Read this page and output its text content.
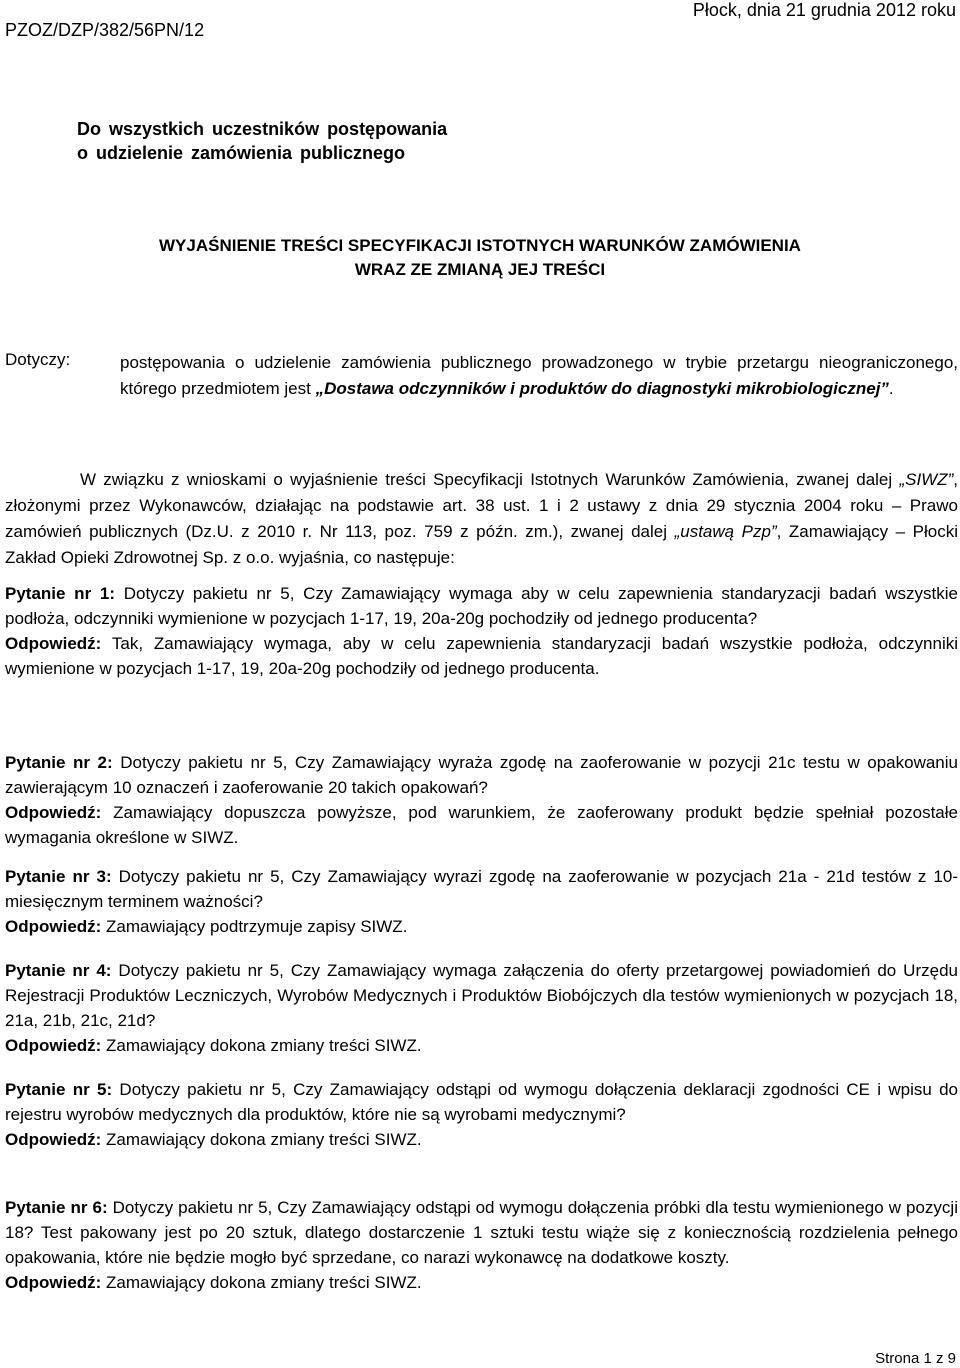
PZOZ/DZP/382/56PN/12
Płock, dnia 21 grudnia 2012 roku
Do wszystkich uczestników postępowania
o udzielenie zamówienia publicznego
WYJAŚNIENIE TREŚCI SPECYFIKACJI ISTOTNYCH WARUNKÓW ZAMÓWIENIA
WRAZ ZE ZMIANĄ JEJ TREŚCI
Dotyczy:	postępowania o udzielenie zamówienia publicznego prowadzonego w trybie przetargu nieograniczonego, którego przedmiotem jest „Dostawa odczynników i produktów do diagnostyki mikrobiologicznej”.
W związku z wnioskami o wyjaśnienie treści Specyfikacji Istotnych Warunków Zamówienia, zwanej dalej „SIWZ”, złożonymi przez Wykonawców, działając na podstawie art. 38 ust. 1 i 2 ustawy z dnia 29 stycznia 2004 roku – Prawo zamówień publicznych (Dz.U. z 2010 r. Nr 113, poz. 759 z późn. zm.), zwanej dalej „ustawą Pzp”, Zamawiający – Płocki Zakład Opieki Zdrowotnej Sp. z o.o. wyjaśnia, co następuje:

Pytanie nr 1: Dotyczy pakietu nr 5, Czy Zamawiający wymaga aby w celu zapewnienia standaryzacji badań wszystkie podłoża, odczynniki wymienione w pozycjach 1-17, 19, 20a-20g pochodziły od jednego producenta?

Odpowiedź: Tak, Zamawiający wymaga, aby w celu zapewnienia standaryzacji badań wszystkie podłoża, odczynniki wymienione w pozycjach 1-17, 19, 20a-20g pochodziły od jednego producenta.

Pytanie nr 2: Dotyczy pakietu nr 5, Czy Zamawiający wyraża zgodę na zaoferowanie w pozycji 21c testu w opakowaniu zawierającym 10 oznaczeń i zaoferowanie 20 takich opakowań?

Odpowiedź: Zamawiający dopuszcza powyższe, pod warunkiem, że zaoferowany produkt będzie spełniał pozostałe wymagania określone w SIWZ.

Pytanie nr 3: Dotyczy pakietu nr 5, Czy Zamawiający wyrazi zgodę na zaoferowanie w pozycjach 21a - 21d testów z 10-miesięcznym terminem ważności?

Odpowiedź: Zamawiający podtrzymuje zapisy SIWZ.

Pytanie nr 4: Dotyczy pakietu nr 5, Czy Zamawiający wymaga załączenia do oferty przetargowej powiadomień do Urzędu Rejestracji Produktów Leczniczych, Wyrobów Medycznych i Produktów Biobójczych dla testów wymienionych w pozycjach 18, 21a, 21b, 21c, 21d?

Odpowiedź: Zamawiający dokona zmiany treści SIWZ.

Pytanie nr 5: Dotyczy pakietu nr 5, Czy Zamawiający odstąpi od wymogu dołączenia deklaracji zgodności CE i wpisu do rejestru wyrobów medycznych dla produktów, które nie są wyrobami medycznymi?

Odpowiedź: Zamawiający dokona zmiany treści SIWZ.

Pytanie nr 6: Dotyczy pakietu nr 5, Czy Zamawiający odstąpi od wymogu dołączenia próbki dla testu wymienionego w pozycji 18? Test pakowany jest po 20 sztuk, dlatego dostarczenie 1 sztuki testu wiąże się z koniecznością rozdzielenia pełnego opakowania, które nie będzie mogło być sprzedane, co narazi wykonawcę na dodatkowe koszty.

Odpowiedź: Zamawiający dokona zmiany treści SIWZ.

Strona 1 z 9
